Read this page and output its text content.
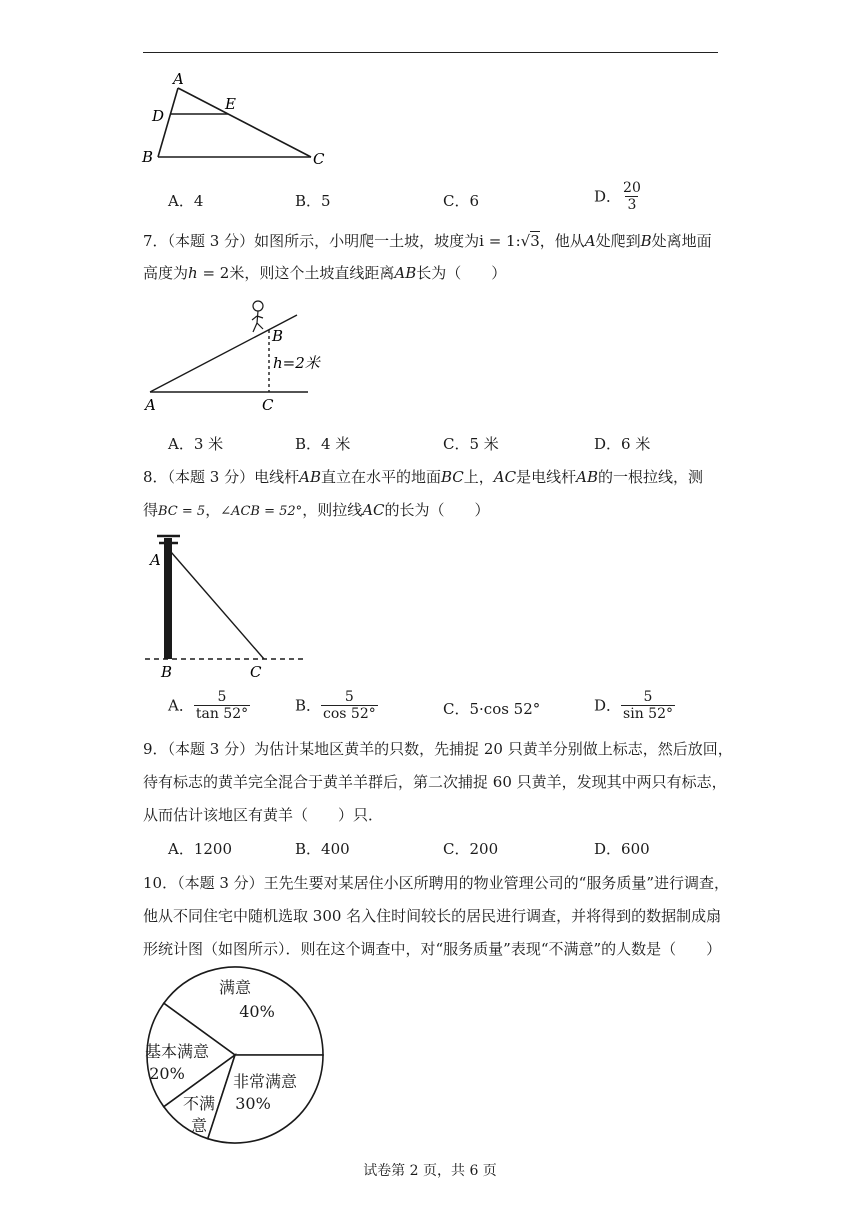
A
D
E
B	C
A．4	B．5	C．6	D． $\frac{20}{3}$
7．（本题 3 分）如图所示，小明爬一土坡，坡度为i = 1:√3，他从A处爬到B处离地面
高度为h = 2米，则这个土坡直线距离AB长为（　　）
B
h=2米
A	C
A．3 米	B．4 米	C．5 米	D．6 米
8．（本题 3 分）电线杆AB直立在水平的地面BC上，AC是电线杆AB的一根拉线，测
得BC = 5，∠ACB = 52°，则拉线AC的长为（　　）
A
B	C
A． $\frac{5}{\tan 52^\circ}$	B． $\frac{5}{\cos 52^\circ}$	C．5·cos 52°	D． $\frac{5}{\sin 52^\circ}$
9．（本题 3 分）为估计某地区黄羊的只数，先捕捉 20 只黄羊分别做上标志，然后放回，
待有标志的黄羊完全混合于黄羊羊群后，第二次捕捉 60 只黄羊，发现其中两只有标志，
从而估计该地区有黄羊（　　）只．
A．1200	B．400	C．200	D．600
10．（本题 3 分）王先生要对某居住小区所聘用的物业管理公司的“服务质量”进行调查，
他从不同住宅中随机选取 300 名入住时间较长的居民进行调查，并将得到的数据制成扇
形统计图（如图所示）．则在这个调查中，对“服务质量”表现“不满意”的人数是（　　）
满意
40%
基本满意
20%
不满
意
非常满意
30%
试卷第 2 页，共 6 页
